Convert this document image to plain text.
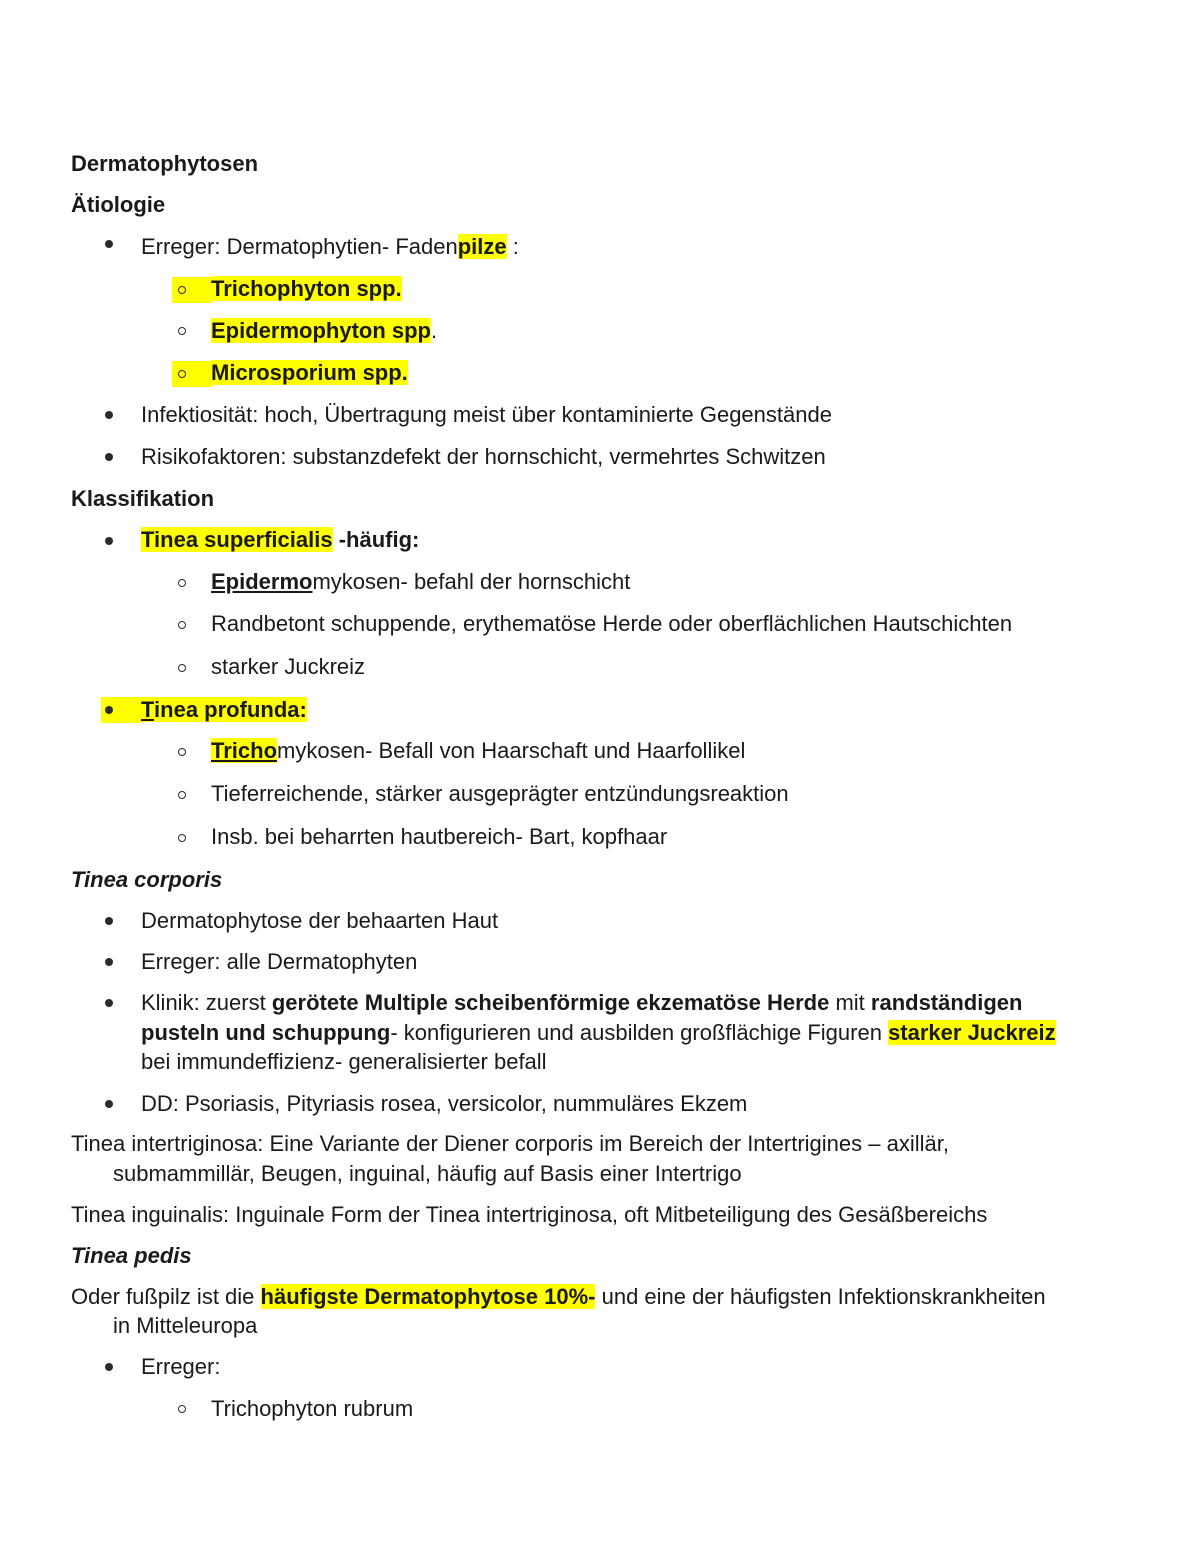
Dermatophytosen
Ätiologie
Erreger: Dermatophytien- Fadenpilze :
Trichophyton spp.
Epidermophyton spp.
Microsporium spp.
Infektiosität: hoch, Übertragung meist über kontaminierte Gegenstände
Risikofaktoren: substanzdefekt der hornschicht, vermehrtes Schwitzen
Klassifikation
Tinea superficialis -häufig:
Epidermomykosen- befahl der hornschicht
Randbetont schuppende, erythematöse Herde oder oberflächlichen Hautschichten
starker Juckreiz
Tinea profunda:
Trichomykosen- Befall von Haarschaft und Haarfollikel
Tieferreichende, stärker ausgeprägter entzündungsreaktion
Insb. bei beharrten hautbereich- Bart, kopfhaar
Tinea corporis
Dermatophytose der behaarten Haut
Erreger: alle Dermatophyten
Klinik: zuerst gerötete Multiple scheibenförmige ekzematöse Herde mit randständigen
pusteln und schuppung- konfigurieren und ausbilden großflächige Figuren starker Juckreiz
bei immundeffizienz- generalisierter befall
DD: Psoriasis, Pityriasis rosea, versicolor, nummuläres Ekzem
Tinea intertriginosa: Eine Variante der Diener corporis im Bereich der Intertrigines – axillär,
submammillär, Beugen, inguinal, häufig auf Basis einer Intertrigo
Tinea inguinalis: Inguinale Form der Tinea intertriginosa, oft Mitbeteiligung des Gesäßbereichs
Tinea pedis
Oder fußpilz ist die häufigste Dermatophytose 10%- und eine der häufigsten Infektionskrankheiten
in Mitteleuropa
Erreger:
Trichophyton rubrum
